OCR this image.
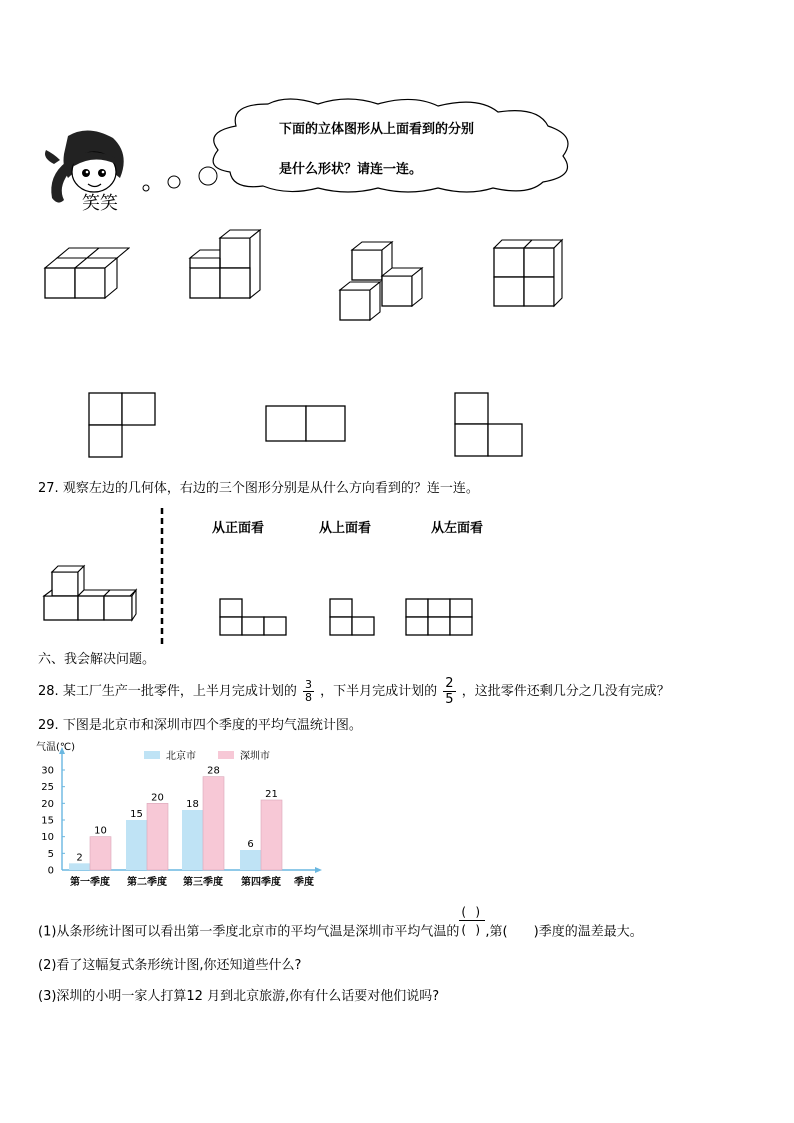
笑笑
下面的立体图形从上面看到的分别
是什么形状？请连一连。
27. 观察左边的几何体，右边的三个图形分别是从什么方向看到的？连一连。
从正面看	从上面看	从左面看
六、我会解决问题。
28. 某工厂生产一批零件，上半月完成计划的 $\frac{3}{8}$ ，下半月完成计划的 $\frac{2}{5}$ ，这批零件还剩几分之几没有完成？
29. 下图是北京市和深圳市四个季度的平均气温统计图。
气温(℃)
季度
0
5
10
15
20
25
30
北京市	深圳市
2
10
第一季度
15
20
第二季度
18
28
第三季度
6
21
第四季度
(1)从条形统计图可以看出第一季度北京市的平均气温是深圳市平均气温的
( )
( ) ,第( )季度的温差最大。
(2)看了这幅复式条形统计图,你还知道些什么?
(3)深圳的小明一家人打算12 月到北京旅游,你有什么话要对他们说吗?
